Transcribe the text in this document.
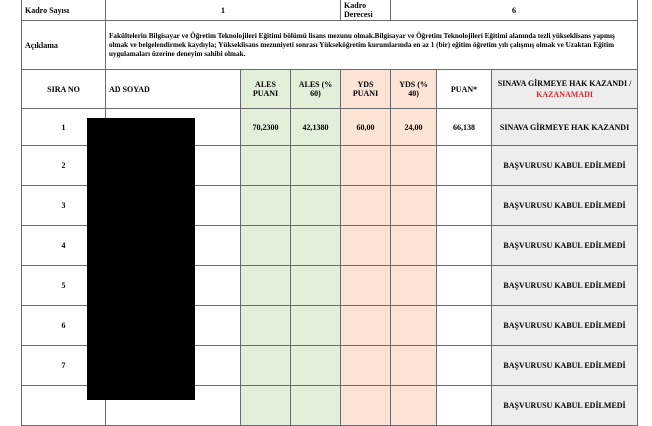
Kadro Sayısı	1			Kadro Derecesi	6		
Açıklama	Fakültelerin Bilgisayar ve Öğretim Teknolojileri Eğitimi bölümü lisans mezunu olmak.Bilgisayar ve Öğretim Teknolojileri Eğitimi alanında tezli yükseklisans yapmış olmak ve belgelendirmek kaydıyla; Yükseklisans mezuniyeti sonrası Yükseköğretim kurumlarında en az 1 (bir) eğitim öğretim yılı çalışmış olmak ve Uzaktan Eğitim uygulamaları üzerine deneyim sahibi olmak.						
SIRA NO	AD SOYAD	ALES PUANI	ALES (% 60)	YDS PUANI	YDS (% 40)	PUAN*	SINAVA GİRMEYE HAK KAZANDI / KAZANAMADI
1		70,2300	42,1380	60,00	24,00	66,138	SINAVA GİRMEYE HAK KAZANDI
2							BAŞVURUSU KABUL EDİLMEDİ
3							BAŞVURUSU KABUL EDİLMEDİ
4							BAŞVURUSU KABUL EDİLMEDİ
5							BAŞVURUSU KABUL EDİLMEDİ
6							BAŞVURUSU KABUL EDİLMEDİ
7							BAŞVURUSU KABUL EDİLMEDİ
							BAŞVURUSU KABUL EDİLMEDİ
